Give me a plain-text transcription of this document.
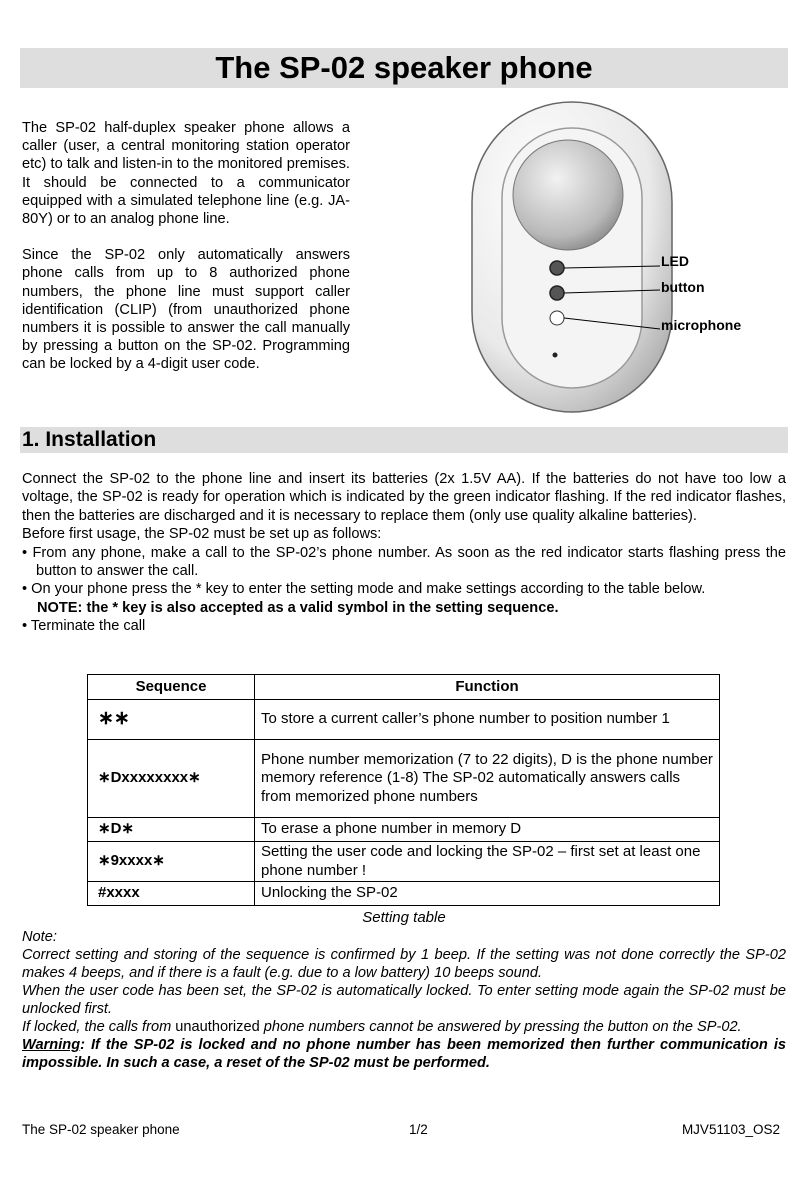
The SP-02 speaker phone

The SP-02 half-duplex speaker phone allows a caller (user, a central monitoring station operator etc) to talk and listen-in to the monitored premises. It should be connected to a communicator equipped with a simulated telephone line (e.g. JA-80Y) or to an analog phone line.

Since the SP-02 only automatically answers phone calls from up to 8 authorized phone numbers, the phone line must support caller identification (CLIP) (from unauthorized phone numbers it is possible to answer the call manually by pressing a button on the SP-02. Programming can be locked by a 4-digit user code.

LED
button
microphone
1. Installation

Connect the SP-02 to the phone line and insert its batteries (2x 1.5V AA). If the batteries do not have too low a voltage, the SP-02 is ready for operation which is indicated by the green indicator flashing. If the red indicator flashes, then the batteries are discharged and it is necessary to replace them (only use quality alkaline batteries).

Before first usage, the SP-02 must be set up as follows:

• From any phone, make a call to the SP-02’s phone number. As soon as the red indicator starts flashing press the button to answer the call.

• On your phone press the * key to enter the setting mode and make settings according to the table below.

NOTE: the * key is also accepted as a valid symbol in the setting sequence.

• Terminate the call

Sequence	Function
∗∗	To store a current caller’s phone number to position number 1
∗Dxxxxxxxx∗	Phone number memorization (7 to 22 digits), D is the phone number memory reference (1-8) The SP-02 automatically answers calls from memorized phone numbers
∗D∗	To erase a phone number in memory D
∗9xxxx∗	Setting the user code and locking the SP-02 – first set at least one phone number !
#xxxx	Unlocking the SP-02
Setting table

Note:

Correct setting and storing of the sequence is confirmed by 1 beep. If the setting was not done correctly the SP-02 makes 4 beeps, and if there is a fault (e.g. due to a low battery) 10 beeps sound.

When the user code has been set, the SP-02 is automatically locked. To enter setting mode again the SP-02 must be unlocked first.

If locked, the calls from unauthorized phone numbers cannot be answered by pressing the button on the SP-02.

Warning: If the SP-02 is locked and no phone number has been memorized then further communication is impossible. In such a case, a reset of the SP-02 must be performed.

The SP-02 speaker phone	1/2	MJV51103_OS2
